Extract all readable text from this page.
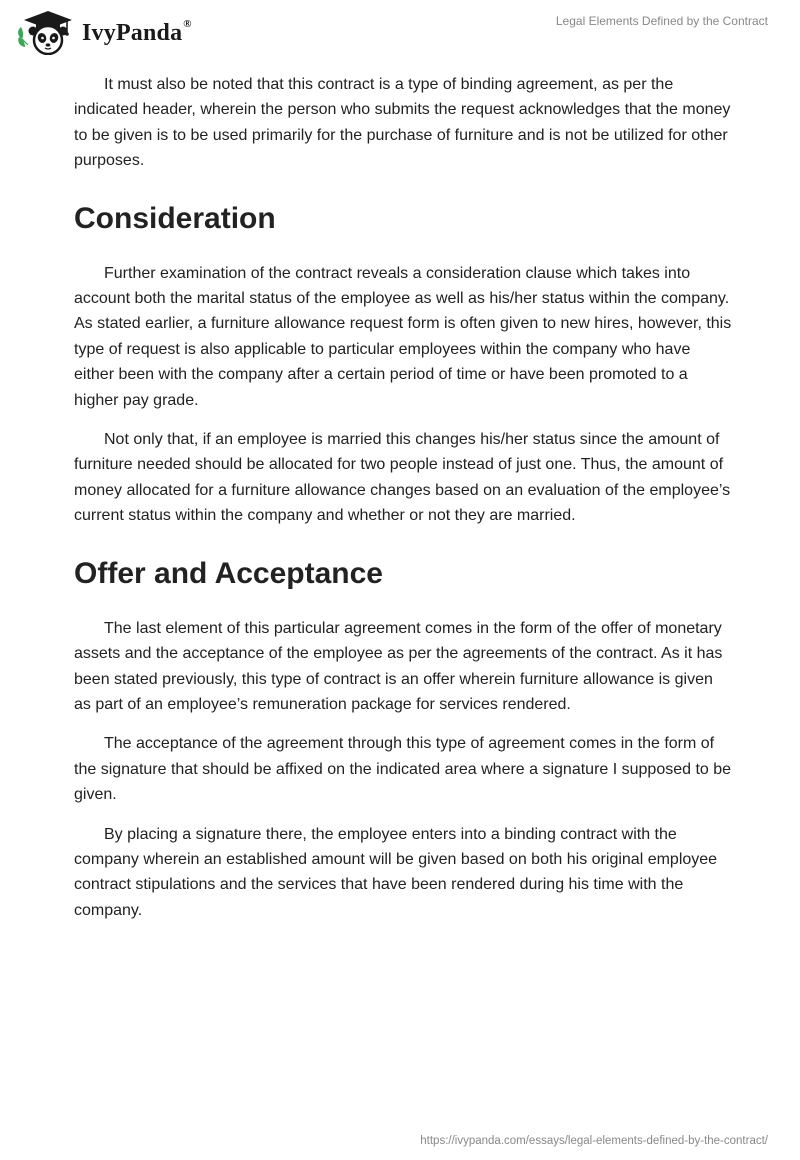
IvyPanda®	Legal Elements Defined by the Contract

It must also be noted that this contract is a type of binding agreement, as per the indicated header, wherein the person who submits the request acknowledges that the money to be given is to be used primarily for the purchase of furniture and is not be utilized for other purposes.

Consideration

Further examination of the contract reveals a consideration clause which takes into account both the marital status of the employee as well as his/her status within the company. As stated earlier, a furniture allowance request form is often given to new hires, however, this type of request is also applicable to particular employees within the company who have either been with the company after a certain period of time or have been promoted to a higher pay grade.

Not only that, if an employee is married this changes his/her status since the amount of furniture needed should be allocated for two people instead of just one. Thus, the amount of money allocated for a furniture allowance changes based on an evaluation of the employee’s current status within the company and whether or not they are married.

Offer and Acceptance

The last element of this particular agreement comes in the form of the offer of monetary assets and the acceptance of the employee as per the agreements of the contract. As it has been stated previously, this type of contract is an offer wherein furniture allowance is given as part of an employee’s remuneration package for services rendered.

The acceptance of the agreement through this type of agreement comes in the form of the signature that should be affixed on the indicated area where a signature I supposed to be given.

By placing a signature there, the employee enters into a binding contract with the company wherein an established amount will be given based on both his original employee contract stipulations and the services that have been rendered during his time with the company.

https://ivypanda.com/essays/legal-elements-defined-by-the-contract/
